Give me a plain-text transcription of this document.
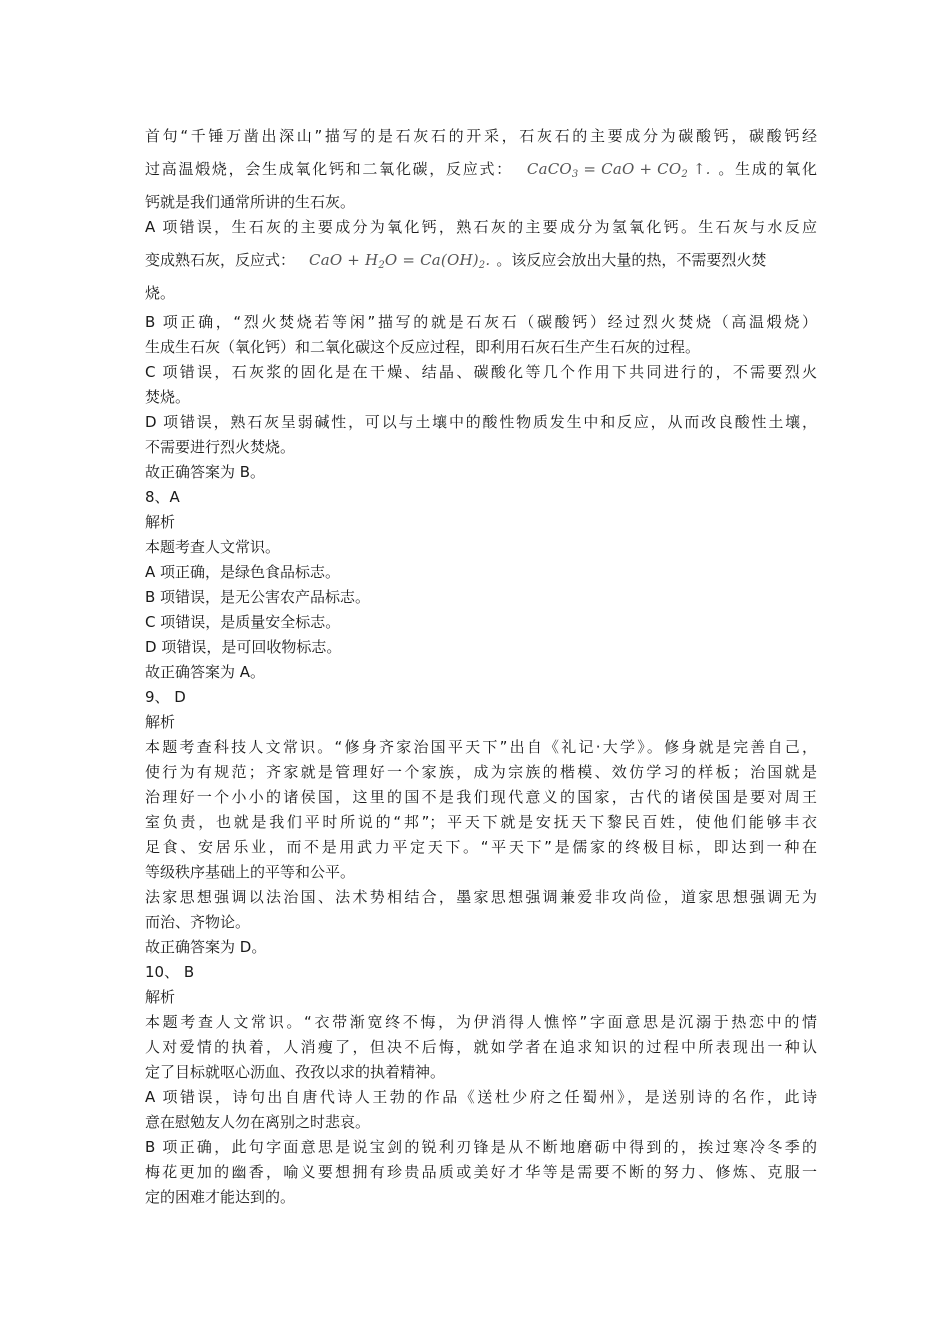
首句“千锤万凿出深山”描写的是石灰石的开采，石灰石的主要成分为碳酸钙，碳酸钙经
过高温煅烧，会生成氧化钙和二氧化碳，反应式： CaCO$_3$ = CaO + $CO_2$ ↑. 。生成的氧化
钙就是我们通常所讲的生石灰。
A 项错误，生石灰的主要成分为氧化钙，熟石灰的主要成分为氢氧化钙。生石灰与水反应
变成熟石灰，反应式： CaO + $H_2O = Ca(OH)_2$. 。该反应会放出大量的热，不需要烈火焚
烧。
B 项正确，“烈火焚烧若等闲”描写的就是石灰石（碳酸钙）经过烈火焚烧（高温煅烧）
生成生石灰（氧化钙）和二氧化碳这个反应过程，即利用石灰石生产生石灰的过程。
C 项错误，石灰浆的固化是在干燥、结晶、碳酸化等几个作用下共同进行的，不需要烈火
焚烧。
D 项错误，熟石灰呈弱碱性，可以与土壤中的酸性物质发生中和反应，从而改良酸性土壤，
不需要进行烈火焚烧。
故正确答案为 B。
8、A
解析
本题考查人文常识。
A 项正确，是绿色食品标志。
B 项错误，是无公害农产品标志。
C 项错误，是质量安全标志。
D 项错误，是可回收物标志。
故正确答案为 A。
9、 D
解析
本题考查科技人文常识。“修身齐家治国平天下”出自《礼记·大学》。修身就是完善自己，
使行为有规范；齐家就是管理好一个家族，成为宗族的楷模、效仿学习的样板；治国就是
治理好一个小小的诸侯国，这里的国不是我们现代意义的国家，古代的诸侯国是要对周王
室负责，也就是我们平时所说的“邦”；平天下就是安抚天下黎民百姓，使他们能够丰衣
足食、安居乐业，而不是用武力平定天下。“平天下”是儒家的终极目标，即达到一种在
等级秩序基础上的平等和公平。
法家思想强调以法治国、法术势相结合，墨家思想强调兼爱非攻尚俭，道家思想强调无为
而治、齐物论。
故正确答案为 D。
10、 B
解析
本题考查人文常识。“衣带渐宽终不悔，为伊消得人憔悴”字面意思是沉溺于热恋中的情
人对爱情的执着，人消瘦了，但决不后悔，就如学者在追求知识的过程中所表现出一种认
定了目标就呕心沥血、孜孜以求的执着精神。
A 项错误，诗句出自唐代诗人王勃的作品《送杜少府之任蜀州》，是送别诗的名作，此诗
意在慰勉友人勿在离别之时悲哀。
B 项正确，此句字面意思是说宝剑的锐利刃锋是从不断地磨砺中得到的，挨过寒冷冬季的
梅花更加的幽香，喻义要想拥有珍贵品质或美好才华等是需要不断的努力、修炼、克服一
定的困难才能达到的。
